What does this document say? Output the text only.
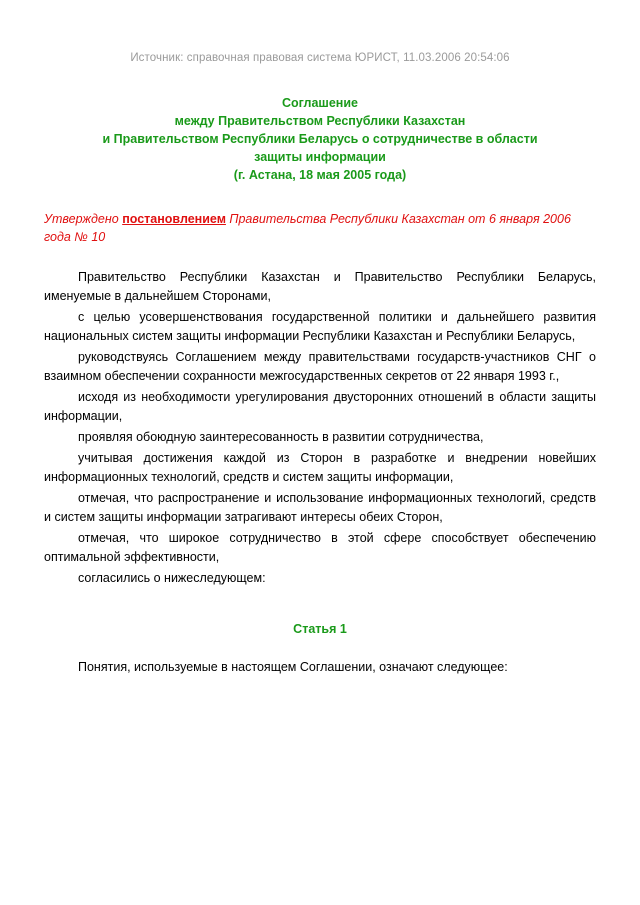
Источник: справочная правовая система ЮРИСТ, 11.03.2006 20:54:06
Соглашение
между Правительством Республики Казахстан
и Правительством Республики Беларусь о сотрудничестве в области
защиты информации
(г. Астана, 18 мая 2005 года)
Утверждено постановлением Правительства Республики Казахстан от 6 января 2006 года № 10

Правительство Республики Казахстан и Правительство Республики Беларусь, именуемые в дальнейшем Сторонами,

с целью усовершенствования государственной политики и дальнейшего развития национальных систем защиты информации Республики Казахстан и Республики Беларусь,

руководствуясь Соглашением между правительствами государств-участников СНГ о взаимном обеспечении сохранности межгосударственных секретов от 22 января 1993 г.,

исходя из необходимости урегулирования двусторонних отношений в области защиты информации,

проявляя обоюдную заинтересованность в развитии сотрудничества,

учитывая достижения каждой из Сторон в разработке и внедрении новейших информационных технологий, средств и систем защиты информации,

отмечая, что распространение и использование информационных технологий, средств и систем защиты информации затрагивают интересы обеих Сторон,

отмечая, что широкое сотрудничество в этой сфере способствует обеспечению оптимальной эффективности,

согласились о нижеследующем:

Статья 1

Понятия, используемые в настоящем Соглашении, означают следующее:
